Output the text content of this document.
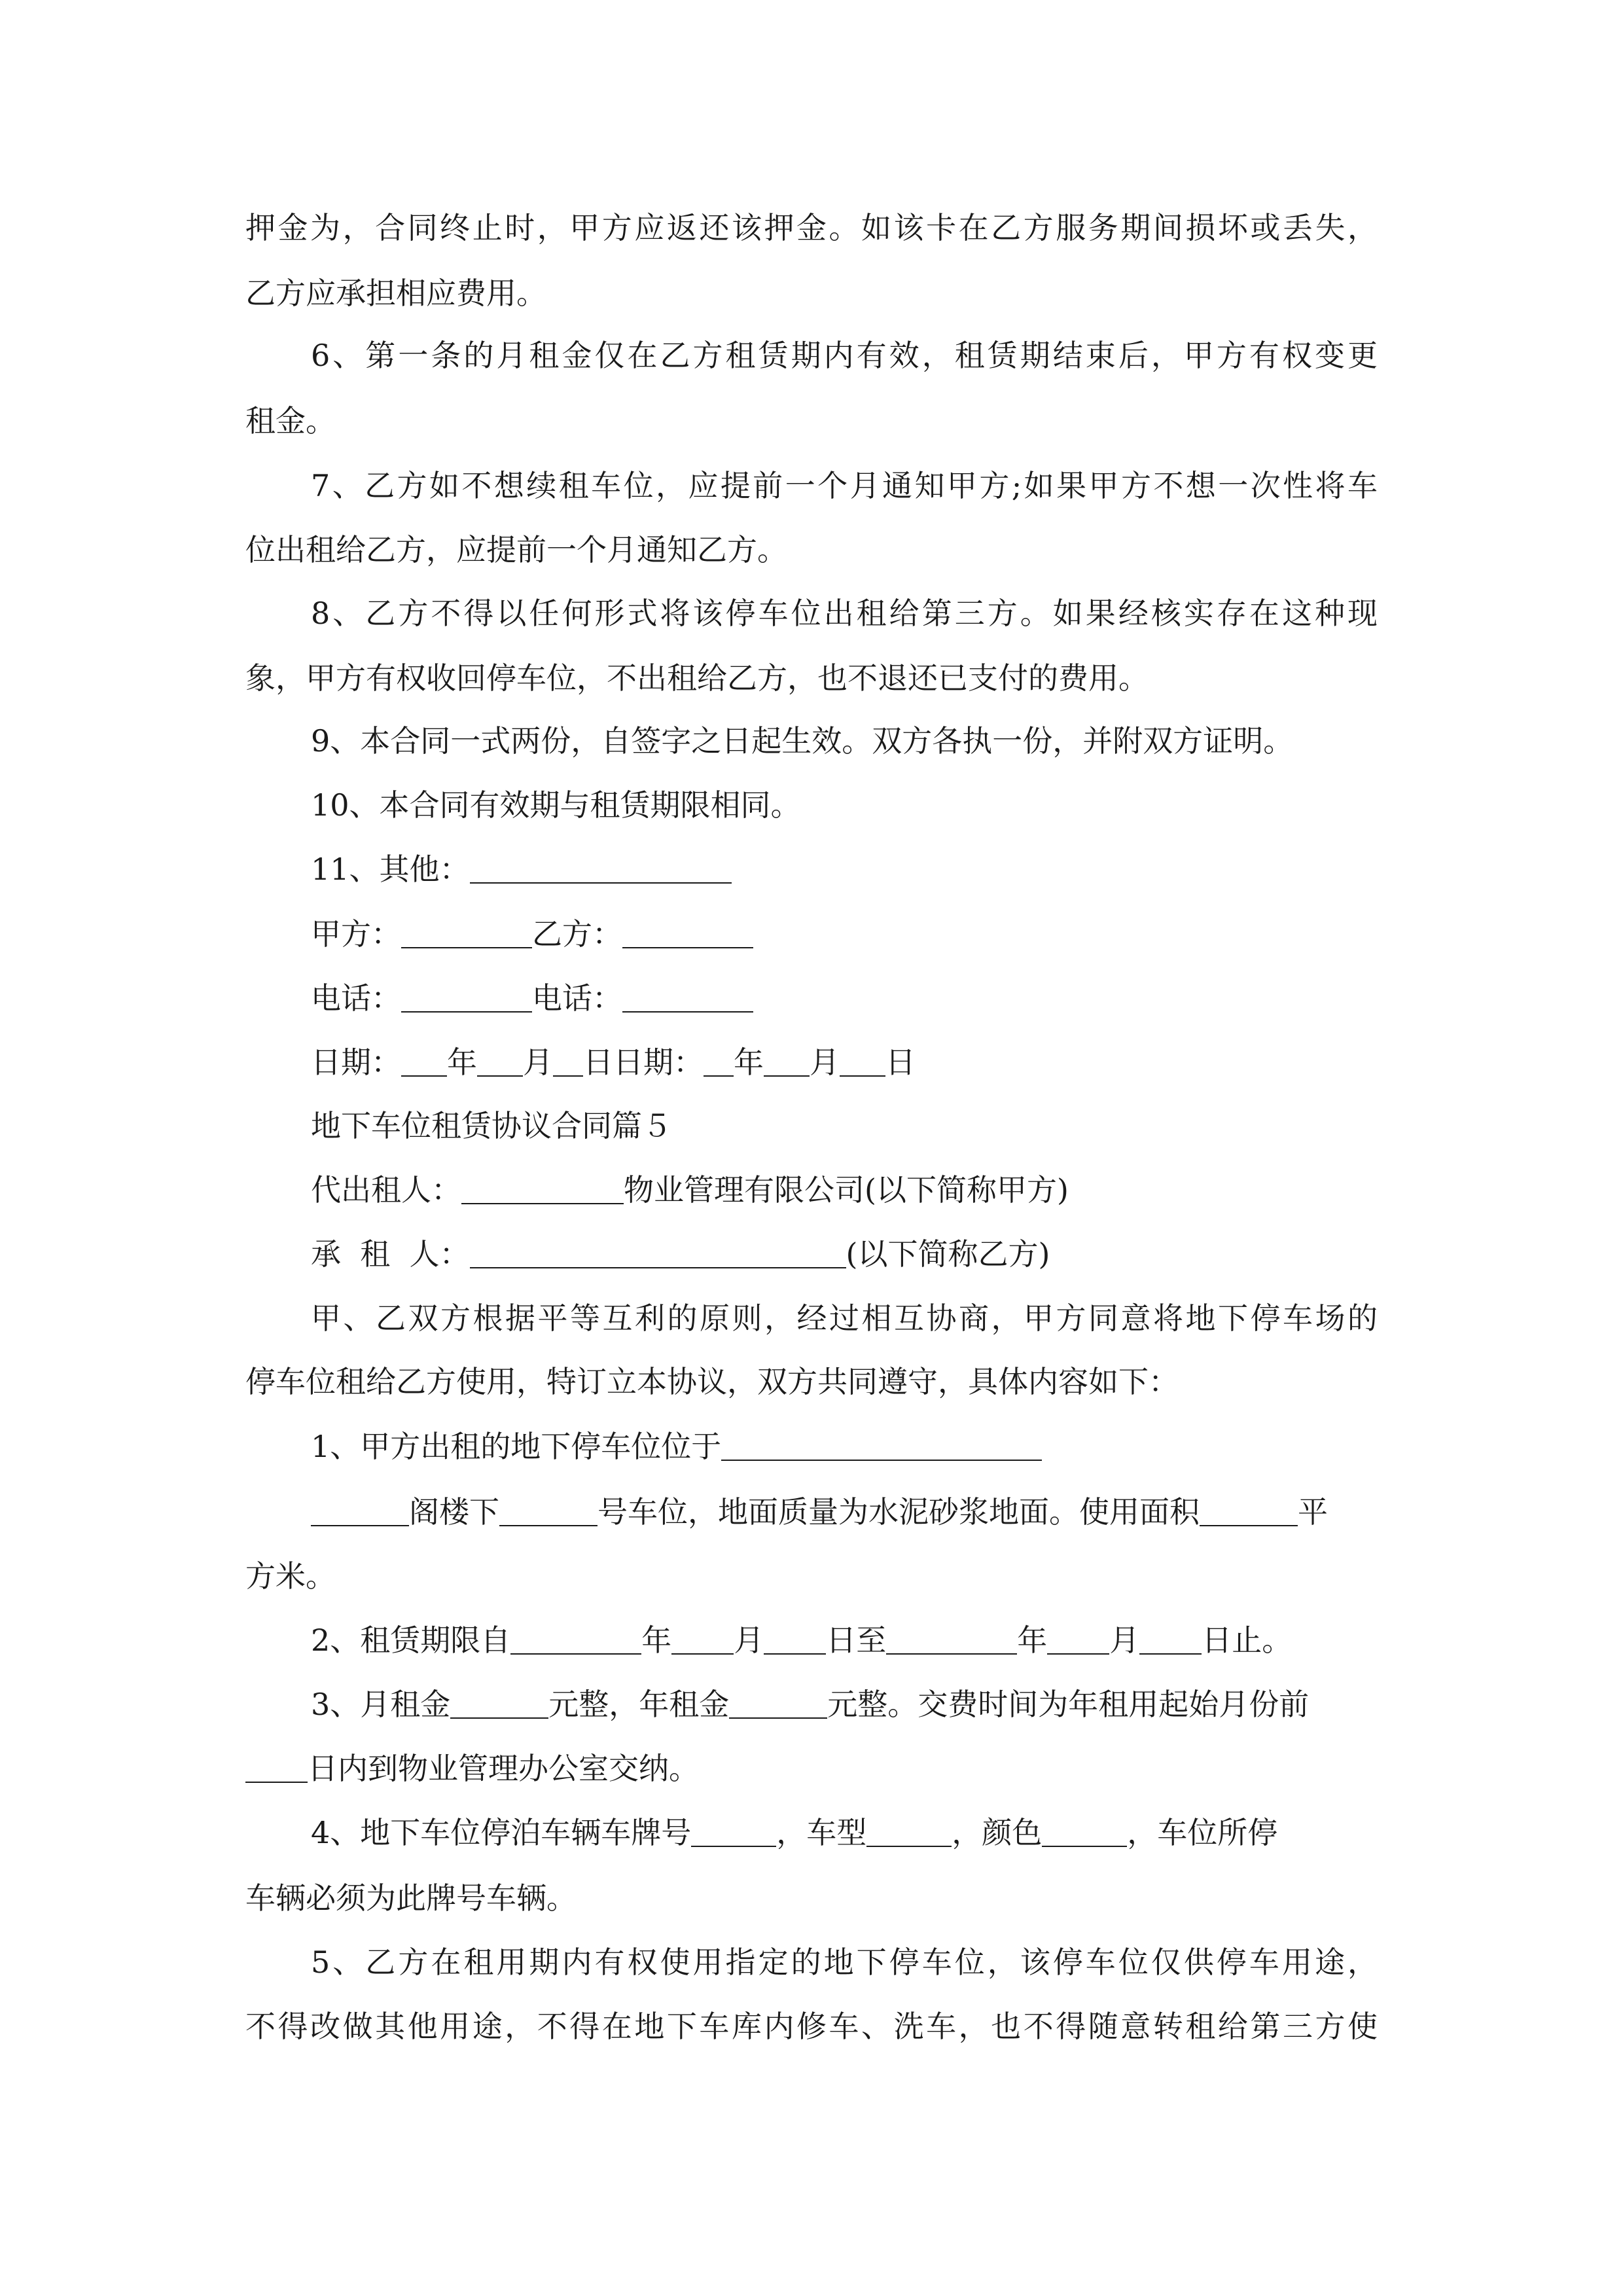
押金为，合同终止时，甲方应返还该押金。如该卡在乙方服务期间损坏或丢失，
乙方应承担相应费用。
6、第一条的月租金仅在乙方租赁期内有效，租赁期结束后，甲方有权变更
租金。
7、乙方如不想续租车位，应提前一个月通知甲方;如果甲方不想一次性将车
位出租给乙方，应提前一个月通知乙方。
8、乙方不得以任何形式将该停车位出租给第三方。如果经核实存在这种现
象，甲方有权收回停车位，不出租给乙方，也不退还已支付的费用。
9、本合同一式两份，自签字之日起生效。双方各执一份，并附双方证明。
10、本合同有效期与租赁期限相同。
11、其他：
甲方：	乙方：
电话：	电话：
日期： 年 月 日日期： 年 月 日
地下车位租赁协议合同篇５
代出租人：	物业管理有限公司(以下简称甲方)
承  租  人：	(以下简称乙方)
甲、乙双方根据平等互利的原则，经过相互协商，甲方同意将地下停车场的
停车位租给乙方使用，特订立本协议，双方共同遵守，具体内容如下：
1、甲方出租的地下停车位位于
阁楼下	号车位，地面质量为水泥砂浆地面。使用面积	平
方米。
2、租赁期限自	年 月 日至	年 月 日止。
3、月租金	元整，年租金	元整。交费时间为年租用起始月份前
日内到物业管理办公室交纳。
4、地下车位停泊车辆车牌号	，车型	，颜色	，车位所停
车辆必须为此牌号车辆。
5、乙方在租用期内有权使用指定的地下停车位，该停车位仅供停车用途，
不得改做其他用途，不得在地下车库内修车、洗车，也不得随意转租给第三方使
